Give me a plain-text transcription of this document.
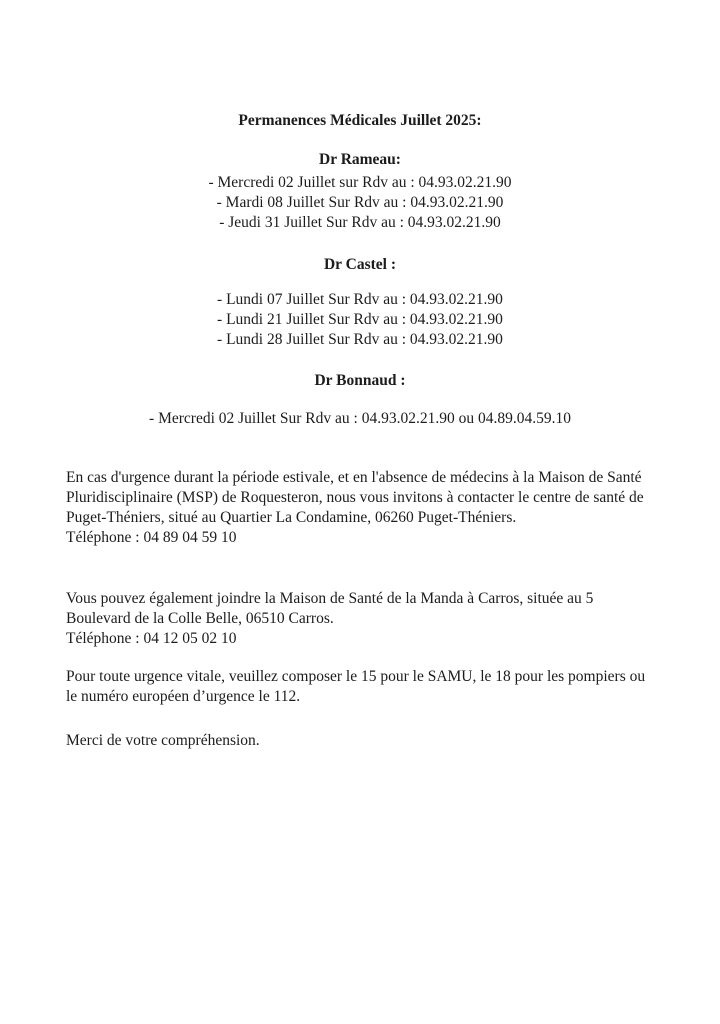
Permanences Médicales Juillet 2025:
Dr Rameau:
- Mercredi 02 Juillet sur Rdv au : 04.93.02.21.90
- Mardi 08 Juillet Sur Rdv au : 04.93.02.21.90
- Jeudi 31 Juillet Sur Rdv au : 04.93.02.21.90
Dr Castel :
- Lundi 07 Juillet Sur Rdv au : 04.93.02.21.90
- Lundi 21 Juillet Sur Rdv au : 04.93.02.21.90
- Lundi 28 Juillet Sur Rdv au : 04.93.02.21.90
Dr Bonnaud :
- Mercredi 02 Juillet Sur Rdv au : 04.93.02.21.90 ou 04.89.04.59.10

En cas d'urgence durant la période estivale, et en l'absence de médecins à la Maison de Santé Pluridisciplinaire (MSP) de Roquesteron, nous vous invitons à contacter le centre de santé de Puget-Théniers, situé au Quartier La Condamine, 06260 Puget-Théniers.

Téléphone : 04 89 04 59 10

Vous pouvez également joindre la Maison de Santé de la Manda à Carros, située au 5 Boulevard de la Colle Belle, 06510 Carros.

Téléphone : 04 12 05 02 10

Pour toute urgence vitale, veuillez composer le 15 pour le SAMU, le 18 pour les pompiers ou le numéro européen d’urgence le 112.

Merci de votre compréhension.
